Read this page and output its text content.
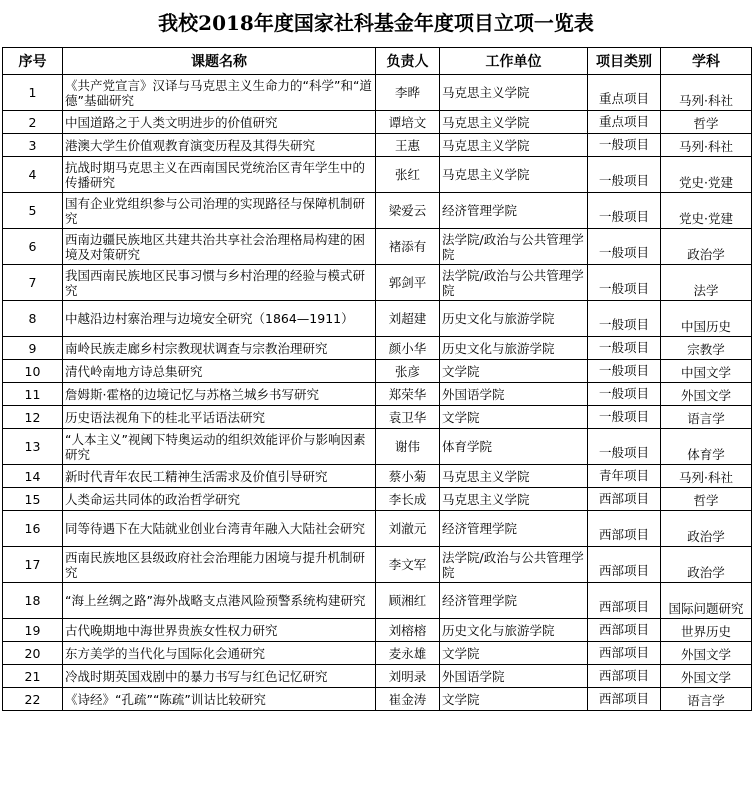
我校2018年度国家社科基金年度项目立项一览表
序号	课题名称	负责人	工作单位	项目类别	学科
1	《共产党宣言》汉译与马克思主义生命力的“科学”和“道德”基础研究	李晔	马克思主义学院	重点项目	马列·科社
2	中国道路之于人类文明进步的价值研究	谭培文	马克思主义学院	重点项目	哲学
3	港澳大学生价值观教育演变历程及其得失研究	王惠	马克思主义学院	一般项目	马列·科社
4	抗战时期马克思主义在西南国民党统治区青年学生中的传播研究	张红	马克思主义学院	一般项目	党史·党建
5	国有企业党组织参与公司治理的实现路径与保障机制研究	梁爱云	经济管理学院	一般项目	党史·党建
6	西南边疆民族地区共建共治共享社会治理格局构建的困境及对策研究	褚添有	法学院/政治与公共管理学院	一般项目	政治学
7	我国西南民族地区民事习惯与乡村治理的经验与模式研究	郭剑平	法学院/政治与公共管理学院	一般项目	法学
8	中越沿边村寨治理与边境安全研究（1864—1911）	刘超建	历史文化与旅游学院	一般项目	中国历史
9	南岭民族走廊乡村宗教现状调查与宗教治理研究	颜小华	历史文化与旅游学院	一般项目	宗教学
10	清代岭南地方诗总集研究	张彦	文学院	一般项目	中国文学
11	詹姆斯·霍格的边境记忆与苏格兰城乡书写研究	郑荣华	外国语学院	一般项目	外国文学
12	历史语法视角下的桂北平话语法研究	袁卫华	文学院	一般项目	语言学
13	“人本主义”视阈下特奥运动的组织效能评价与影响因素研究	谢伟	体育学院	一般项目	体育学
14	新时代青年农民工精神生活需求及价值引导研究	蔡小菊	马克思主义学院	青年项目	马列·科社
15	人类命运共同体的政治哲学研究	李长成	马克思主义学院	西部项目	哲学
16	同等待遇下在大陆就业创业台湾青年融入大陆社会研究	刘澈元	经济管理学院	西部项目	政治学
17	西南民族地区县级政府社会治理能力困境与提升机制研究	李文军	法学院/政治与公共管理学院	西部项目	政治学
18	“海上丝绸之路”海外战略支点港风险预警系统构建研究	顾湘红	经济管理学院	西部项目	国际问题研究
19	古代晚期地中海世界贵族女性权力研究	刘榕榕	历史文化与旅游学院	西部项目	世界历史
20	东方美学的当代化与国际化会通研究	麦永雄	文学院	西部项目	外国文学
21	冷战时期英国戏剧中的暴力书写与红色记忆研究	刘明录	外国语学院	西部项目	外国文学
22	《诗经》“孔疏”“陈疏”训诂比较研究	崔金涛	文学院	西部项目	语言学
